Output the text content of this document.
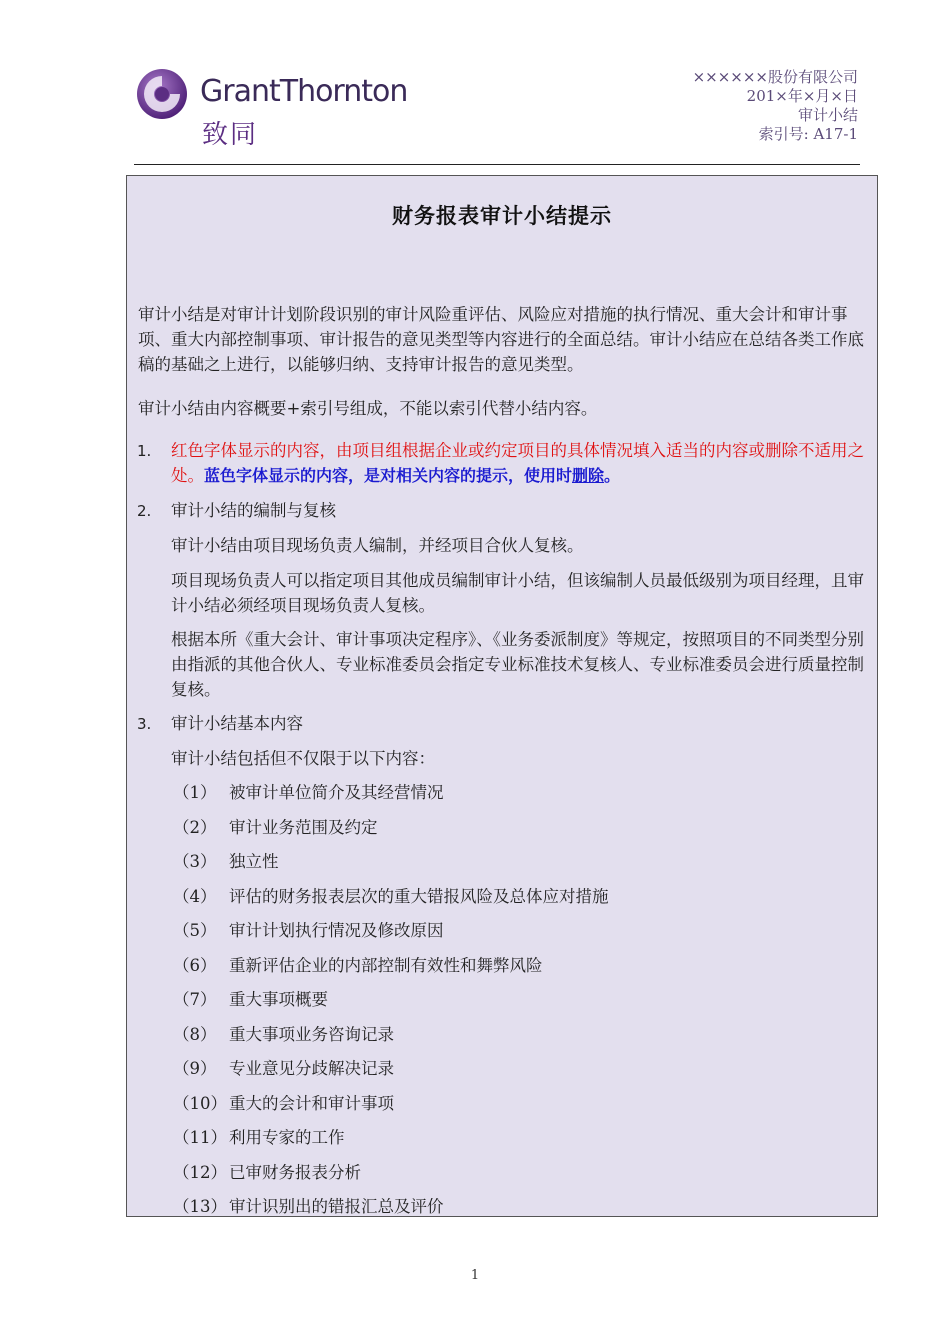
GrantThornton
致同
××××××股份有限公司
201×年×月×日
审计小结
索引号: A17-1
财务报表审计小结提示
审计小结是对审计计划阶段识别的审计风险重评估、风险应对措施的执行情况、重大会计和审计事项、重大内部控制事项、审计报告的意见类型等内容进行的全面总结。审计小结应在总结各类工作底稿的基础之上进行，以能够归纳、支持审计报告的意见类型。
审计小结由内容概要+索引号组成，不能以索引代替小结内容。
1. 红色字体显示的内容，由项目组根据企业或约定项目的具体情况填入适当的内容或删除不适用之处。蓝色字体显示的内容，是对相关内容的提示，使用时删除。
2. 审计小结的编制与复核
审计小结由项目现场负责人编制，并经项目合伙人复核。
项目现场负责人可以指定项目其他成员编制审计小结，但该编制人员最低级别为项目经理，且审计小结必须经项目现场负责人复核。
根据本所《重大会计、审计事项决定程序》、《业务委派制度》等规定，按照项目的不同类型分别由指派的其他合伙人、专业标准委员会指定专业标准技术复核人、专业标准委员会进行质量控制复核。
3. 审计小结基本内容
审计小结包括但不仅限于以下内容：
（1） 被审计单位简介及其经营情况
（2） 审计业务范围及约定
（3） 独立性
（4） 评估的财务报表层次的重大错报风险及总体应对措施
（5） 审计计划执行情况及修改原因
（6） 重新评估企业的内部控制有效性和舞弊风险
（7） 重大事项概要
（8） 重大事项业务咨询记录
（9） 专业意见分歧解决记录
（10） 重大的会计和审计事项
（11） 利用专家的工作
（12） 已审财务报表分析
（13） 审计识别出的错报汇总及评价
1
